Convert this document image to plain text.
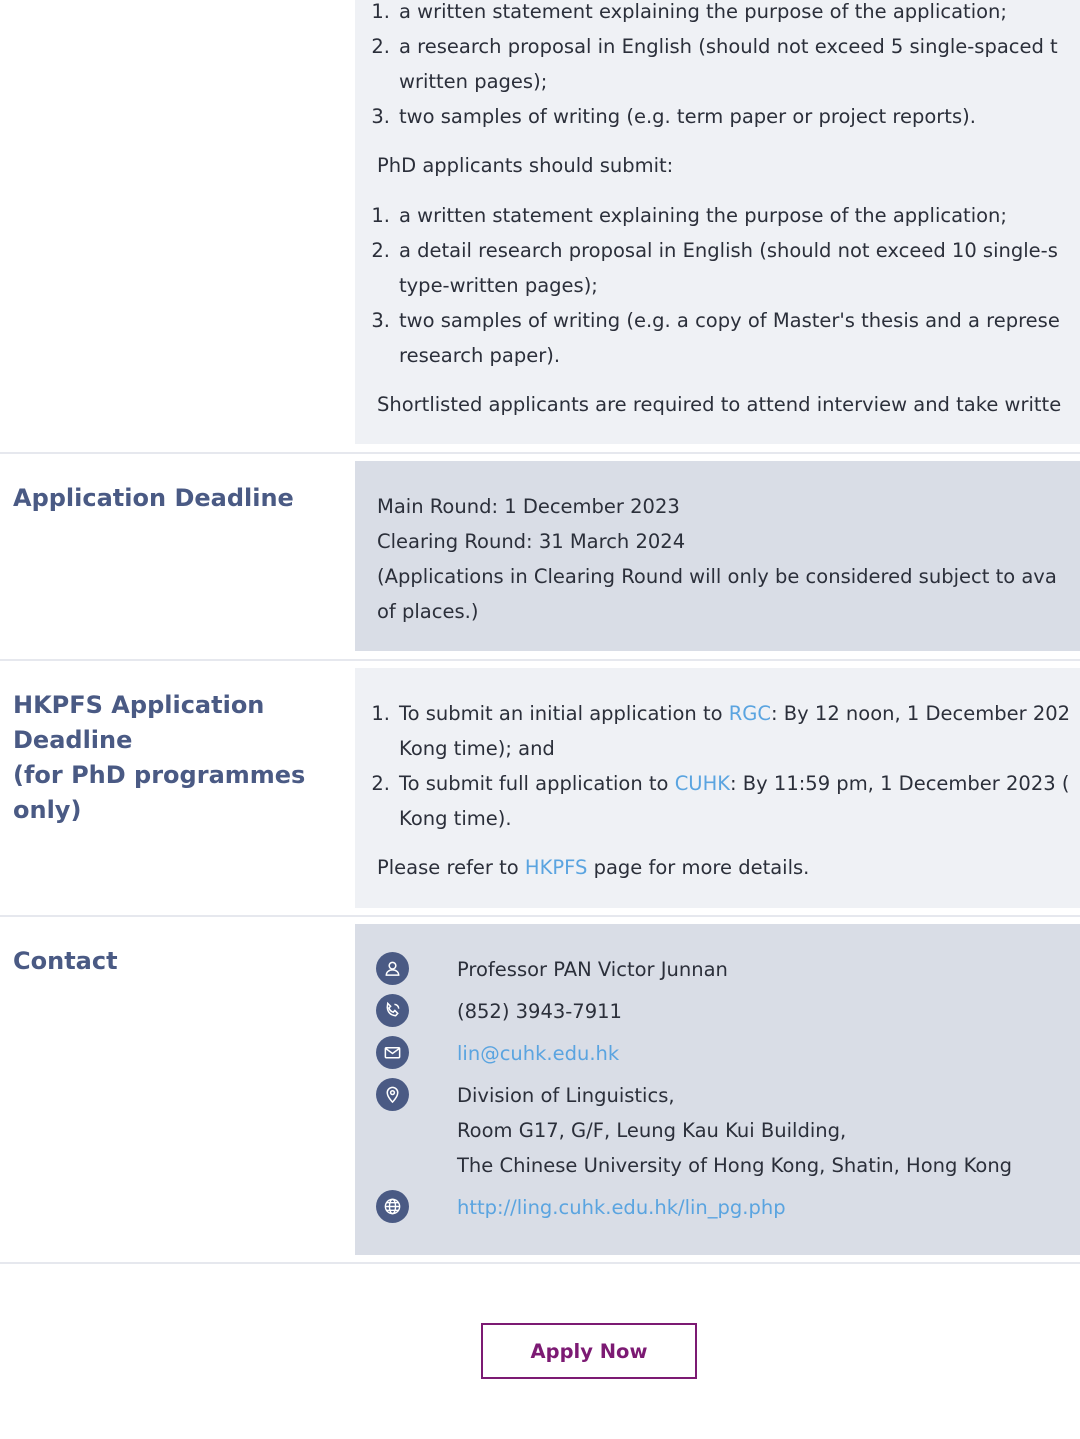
1. a written statement explaining the purpose of the application;
2. a research proposal in English (should not exceed 5 single-spaced t
written pages);
3. two samples of writing (e.g. term paper or project reports).
PhD applicants should submit:
1. a written statement explaining the purpose of the application;
2. a detail research proposal in English (should not exceed 10 single-s
type-written pages);
3. two samples of writing (e.g. a copy of Master's thesis and a represe
research paper).
Shortlisted applicants are required to attend interview and take writte
Application Deadline	Main Round: 1 December 2023
Clearing Round: 31 March 2024
(Applications in Clearing Round will only be considered subject to ava
of places.)
HKPFS Application
Deadline
(for PhD programmes
only)
1. To submit an initial application to RGC: By 12 noon, 1 December 202
Kong time); and
2. To submit full application to CUHK: By 11:59 pm, 1 December 2023 (
Kong time).
Please refer to HKPFS page for more details.
Contact	Professor PAN Victor Junnan
(852) 3943-7911
lin@cuhk.edu.hk
Division of Linguistics,
Room G17, G/F, Leung Kau Kui Building,
The Chinese University of Hong Kong, Shatin, Hong Kong
http://ling.cuhk.edu.hk/lin_pg.php
Apply Now
